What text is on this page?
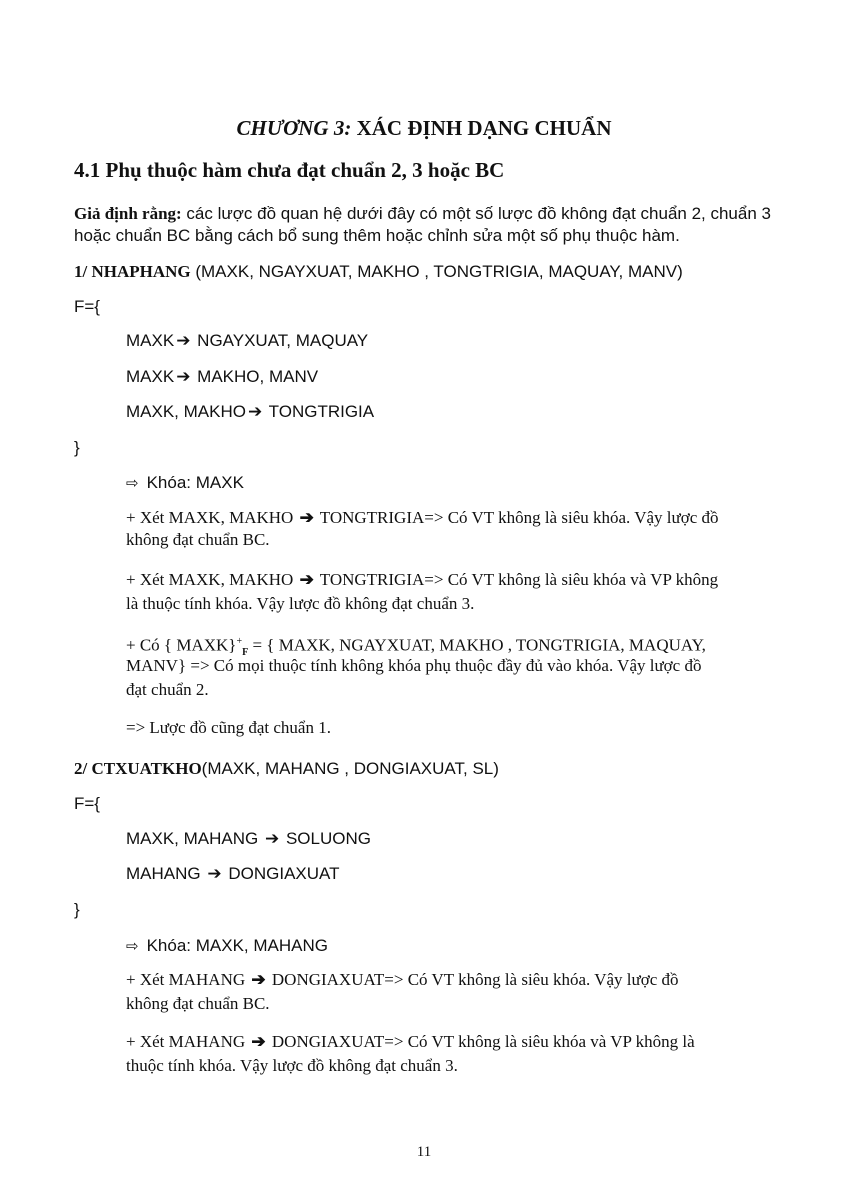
CHƯƠNG 3: XÁC ĐỊNH DẠNG CHUẨN
4.1 Phụ thuộc hàm chưa đạt chuẩn 2, 3 hoặc BC
Giả định rằng: các lược đồ quan hệ dưới đây có một số lược đồ không đạt chuẩn 2, chuẩn 3
hoặc chuẩn BC bằng cách bổ sung thêm hoặc chỉnh sửa một số phụ thuộc hàm.
1/ NHAPHANG (MAXK, NGAYXUAT, MAKHO , TONGTRIGIA, MAQUAY, MANV)
F={
MAXK ➔ NGAYXUAT, MAQUAY
MAXK ➔ MAKHO, MANV
MAXK, MAKHO ➔ TONGTRIGIA
}
⇨ Khóa: MAXK
+ Xét MAXK, MAKHO ➔ TONGTRIGIA=> Có VT không là siêu khóa. Vậy lược đồ
không đạt chuẩn BC.
+ Xét MAXK, MAKHO ➔ TONGTRIGIA=> Có VT không là siêu khóa và VP không
là thuộc tính khóa. Vậy lược đồ không đạt chuẩn 3.
+ Có { $MAXK\}^+_F$ = { MAXK, NGAYXUAT, MAKHO , TONGTRIGIA, MAQUAY,
MANV} => Có mọi thuộc tính không khóa phụ thuộc đầy đủ vào khóa. Vậy lược đồ
đạt chuẩn 2.
=> Lược đồ cũng đạt chuẩn 1.
2/ CTXUATKHO(MAXK, MAHANG , DONGIAXUAT, SL)
F={
MAXK, MAHANG ➔ SOLUONG
MAHANG ➔ DONGIAXUAT
}
⇨ Khóa: MAXK, MAHANG
+ Xét MAHANG ➔ DONGIAXUAT=> Có VT không là siêu khóa. Vậy lược đồ
không đạt chuẩn BC.
+ Xét MAHANG ➔ DONGIAXUAT=> Có VT không là siêu khóa và VP không là
thuộc tính khóa. Vậy lược đồ không đạt chuẩn 3.
11
